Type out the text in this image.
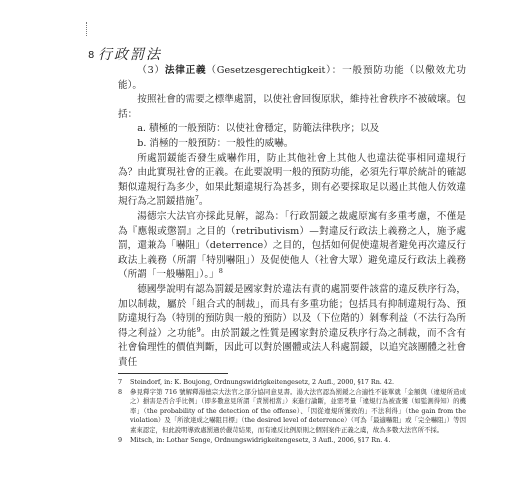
8 行政罰法

（3）法律正義（Gesetzesgerechtigkeit）：一般預防功能（以儆效尤功能）。

按照社會的需要之標準處罰，以使社會回復原狀，維持社會秩序不被破壞。包括：

a. 積極的一般預防：以使社會穩定，防範法律秩序；以及

b. 消極的一般預防：一般性的威嚇。

所處罰鍰能否發生威嚇作用，防止其他社會上其他人也違法從事相同違規行為？由此實現社會的正義。在此要說明一般的預防功能，必須先行單於統計的確認類似違規行為多少，如果此類違規行為甚多，則有必要採取足以遏止其他人仿效違規行為之罰鍰措施$^7$。

湯德宗大法官亦採此見解，認為：「行政罰鍰之裁處原寓有多重考慮，不僅是為『應報或懲罰』之目的（retributivism）—對違反行政法上義務之人，施予處罰，還兼為「嚇阻」（deterrence）之目的，包括如何促使違規者避免再次違反行政法上義務（所謂「特別嚇阻」）及促使他人（社會大眾）避免違反行政法上義務（所謂「一般嚇阻」）。」$^8$

德國學說明有認為罰鍰是國家對於違法有責的處罰要件該當的違反秩序行為，加以制裁，屬於「組合式的制裁」，而具有多重功能；包括具有抑制違規行為、預防違規行為（特別的預防與一般的預防）以及（下位階的）剝奪利益（不法行為所得之利益）之功能$^9$。由於罰鍰之性質是國家對於違反秩序行為之制裁，而不含有社會倫理性的價值判斷，因此可以對於團體或法人科處罰鍰，以追究該團體之社會責任

7	Steindorf, in: K. Boujong, Ordnungswidrigkeitengesetz, 2 Aufl., 2000, §17 Rn. 42.
8	參見釋字第 716 號解釋湯德宗大法官之部分協同意見書。湯大法官認為罰鍰之合適性不能單就「金額與（違規所造成之）損害是否合乎比例」（即多數意見所謂「責罰相當」）來進行論斷，並需考量「違規行為被查獲（如監測得知）的機率」（the probability of the detection of the offense）、「因從違規所獲致的」不法利得」（the gain from the violation）及「所欲達成之嚇阻目標」（the desired level of deterrence）（可為「最適嚇阻」或「完全嚇阻」）等因素來認定，但此說明導致處罰過於嚴苛結果，而有違反比例原則之個別案件正義之虞，故為多數大法官所不採。
9	Mitsch, in: Lothar Senge, Ordnungswidrigkeitengesetz, 3 Aufl., 2006, §17 Rn. 4.
